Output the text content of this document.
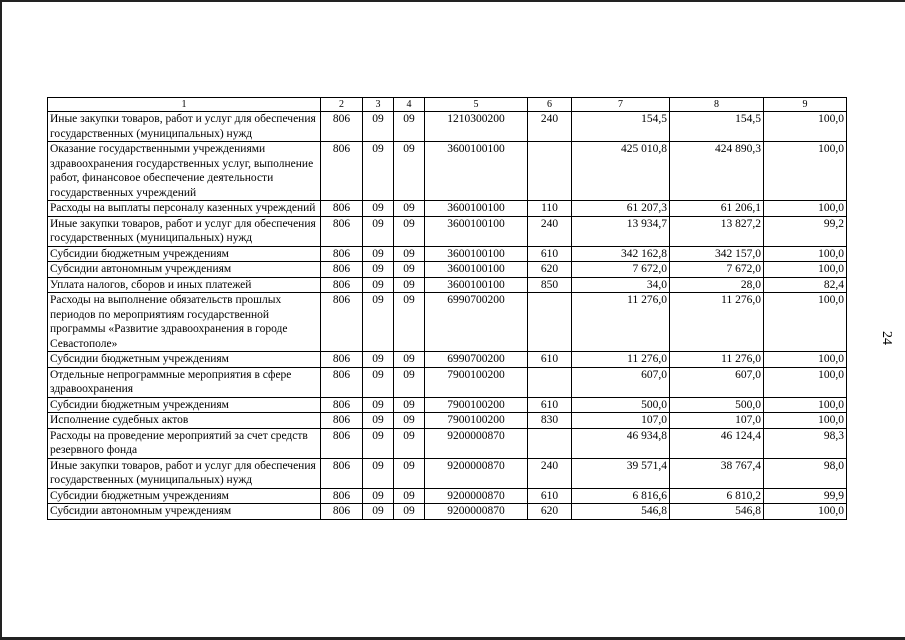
1	2	3	4	5	6	7	8	9
Иные закупки товаров, работ и услуг для обеспечения государственных (муниципальных) нужд	806	09	09	1210300200	240	154,5	154,5	100,0
Оказание государственными учреждениями здравоохранения государственных услуг, выполнение работ, финансовое обеспечение деятельности государственных учреждений	806	09	09	3600100100		425 010,8	424 890,3	100,0
Расходы на выплаты персоналу казенных учреждений	806	09	09	3600100100	110	61 207,3	61 206,1	100,0
Иные закупки товаров, работ и услуг для обеспечения государственных (муниципальных) нужд	806	09	09	3600100100	240	13 934,7	13 827,2	99,2
Субсидии бюджетным учреждениям	806	09	09	3600100100	610	342 162,8	342 157,0	100,0
Субсидии автономным учреждениям	806	09	09	3600100100	620	7 672,0	7 672,0	100,0
Уплата налогов, сборов и иных платежей	806	09	09	3600100100	850	34,0	28,0	82,4
Расходы на выполнение обязательств прошлых периодов по мероприятиям государственной программы «Развитие здравоохранения в городе Севастополе»	806	09	09	6990700200		11 276,0	11 276,0	100,0
Субсидии бюджетным учреждениям	806	09	09	6990700200	610	11 276,0	11 276,0	100,0
Отдельные непрограммные мероприятия в сфере здравоохранения	806	09	09	7900100200		607,0	607,0	100,0
Субсидии бюджетным учреждениям	806	09	09	7900100200	610	500,0	500,0	100,0
Исполнение судебных актов	806	09	09	7900100200	830	107,0	107,0	100,0
Расходы на проведение мероприятий за счет средств резервного фонда	806	09	09	9200000870		46 934,8	46 124,4	98,3
Иные закупки товаров, работ и услуг для обеспечения государственных (муниципальных) нужд	806	09	09	9200000870	240	39 571,4	38 767,4	98,0
Субсидии бюджетным учреждениям	806	09	09	9200000870	610	6 816,6	6 810,2	99,9
Субсидии автономным учреждениям	806	09	09	9200000870	620	546,8	546,8	100,0
24
